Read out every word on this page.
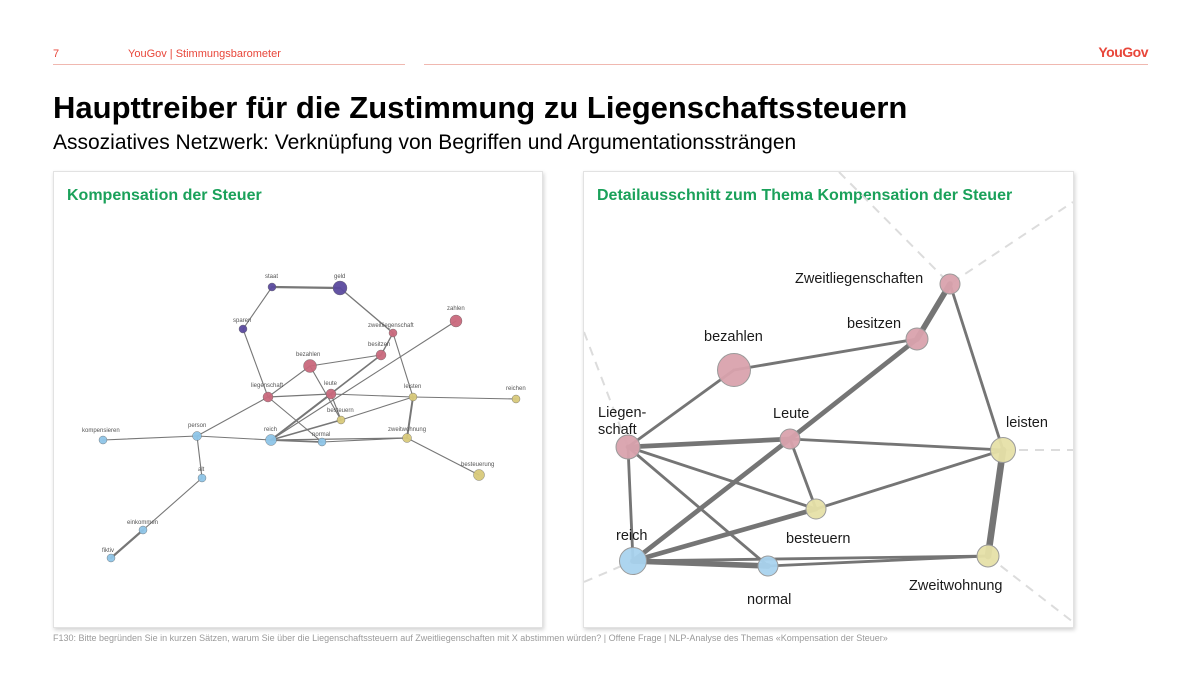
7	YouGov | Stimmungsbarometer	YouGov
Haupttreiber für die Zustimmung zu Liegenschaftssteuern
Assoziatives Netzwerk: Verknüpfung von Begriffen und Argumentationssträngen
Kompensation der Steuer
staat	geld
sparen
zahlen
zweitliegenschaft
besitzen
bezahlen
liegenschaft	leute	leisten	reichen
besteuern
zweitwohnung
besteuerung
kompensieren
person
reich
normal
alt
einkommen
fiktiv
Detailausschnitt zum Thema Kompensation der Steuer
Zweitliegenschaften
besitzen
bezahlen
Leute
Liegen-schaft	leisten
besteuern
Zweitwohnung
reich
normal
F130: Bitte begründen Sie in kurzen Sätzen, warum Sie über die Liegenschaftssteuern auf Zweitliegenschaften mit X abstimmen würden? | Offene Frage | NLP-Analyse des Themas «Kompensation der Steuer»
